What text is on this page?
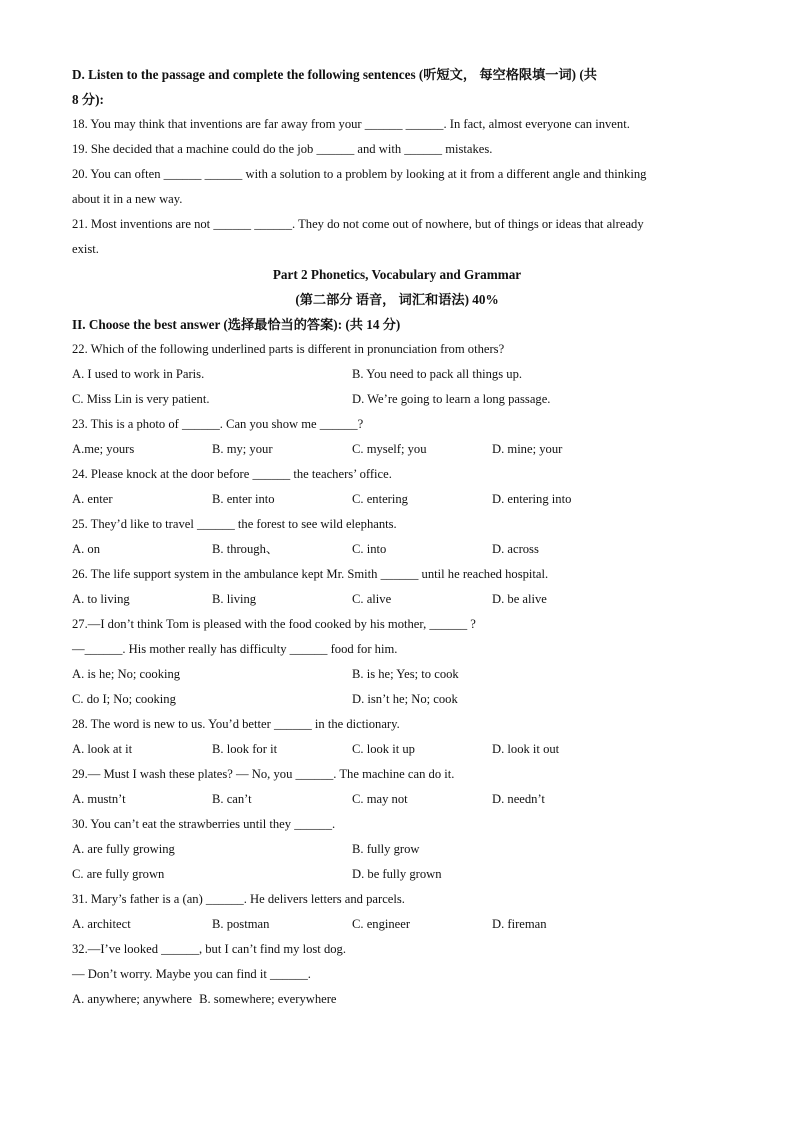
D. Listen to the passage and complete the following sentences (听短文， 每空格限填一词) (共
8 分):
18. You may think that inventions are far away from your ______ ______. In fact, almost everyone can invent.
19. She decided that a machine could do the job ______ and with ______ mistakes.
20. You can often ______ ______ with a solution to a problem by looking at it from a different angle and thinking
about it in a new way.
21. Most inventions are not ______ ______. They do not come out of nowhere, but of things or ideas that already
exist.
Part 2 Phonetics, Vocabulary and Grammar
(第二部分 语音， 词汇和语法) 40%
II. Choose the best answer (选择最恰当的答案): (共 14 分)
22. Which of the following underlined parts is different in pronunciation from others?
A. I used to work in Paris.	B. You need to pack all things up.
C. Miss Lin is very patient.	D. We’re going to learn a long passage.
23. This is a photo of ______. Can you show me ______?
A.me; yours	B. my; your	C. myself; you	D. mine; your
24. Please knock at the door before ______ the teachers’ office.
A. enter	B. enter into	C. entering	D. entering into
25. They’d like to travel ______ the forest to see wild elephants.
A. on	B. through、	C. into	D. across
26. The life support system in the ambulance kept Mr. Smith ______ until he reached hospital.
A. to living	B. living	C. alive	D. be alive
27.—I don’t think Tom is pleased with the food cooked by his mother, ______ ?
—______. His mother really has difficulty ______ food for him.
A. is he; No; cooking	B. is he; Yes; to cook
C. do I; No; cooking	D. isn’t he; No; cook
28. The word is new to us. You’d better ______ in the dictionary.
A. look at it	B. look for it	C. look it up	D. look it out
29.— Must I wash these plates? — No, you ______. The machine can do it.
A. mustn’t	B. can’t	C. may not	D. needn’t
30. You can’t eat the strawberries until they ______.
A. are fully growing	B. fully grow
C. are fully grown	D. be fully grown
31. Mary’s father is a (an) ______. He delivers letters and parcels.
A. architect	B. postman	C. engineer	D. fireman
32.—I’ve looked ______, but I can’t find my lost dog.
— Don’t worry. Maybe you can find it ______.
A. anywhere; anywhere B. somewhere; everywhere
